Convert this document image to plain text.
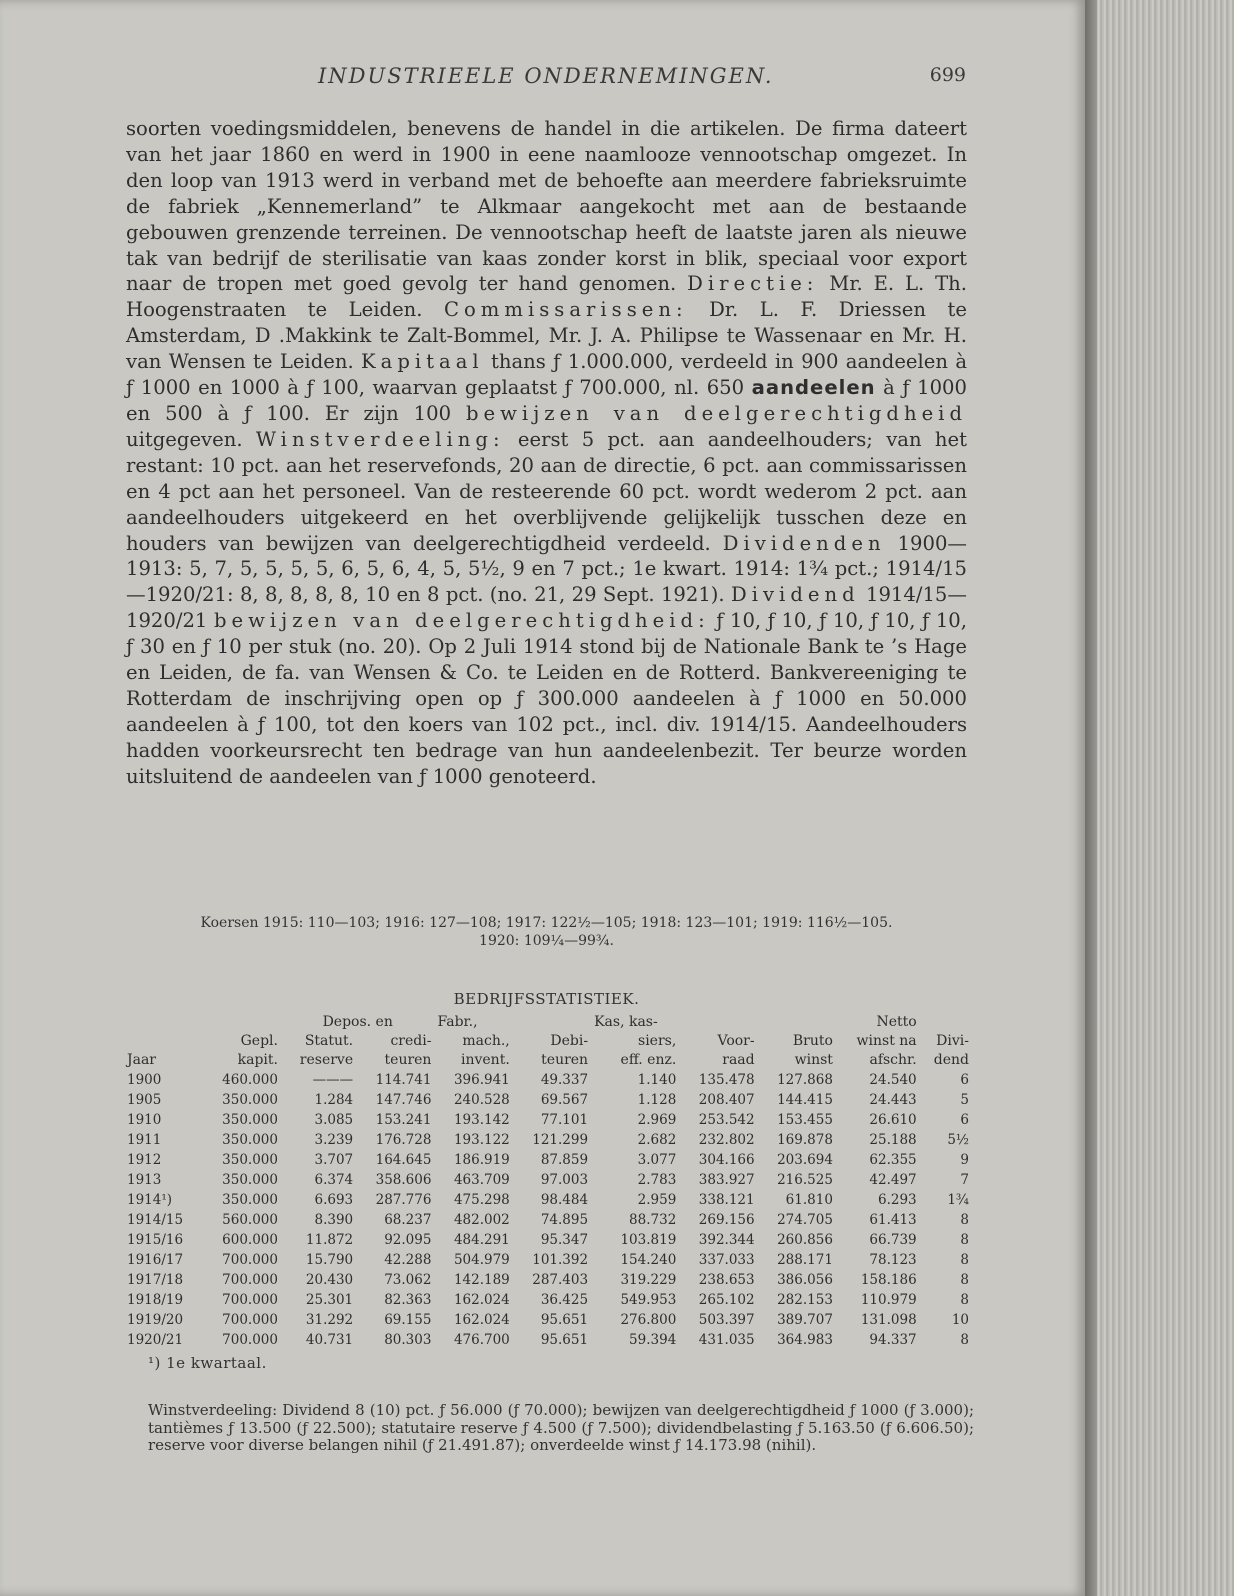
INDUSTRIEELE ONDERNEMINGEN.	699
soorten voedingsmiddelen, benevens de handel in die artikelen. De firma dateert van het jaar 1860 en werd in 1900 in eene naamlooze vennootschap omgezet. In den loop van 1913 werd in verband met de behoefte aan meerdere fabrieksruimte de fabriek „Kennemerland” te Alkmaar aangekocht met aan de bestaande gebouwen grenzende terreinen. De vennootschap heeft de laatste jaren als nieuwe tak van bedrijf de sterilisatie van kaas zonder korst in blik, speciaal voor export naar de tropen met goed gevolg ter hand genomen. Directie: Mr. E. L. Th. Hoogenstraaten te Leiden. Commissarissen: Dr. L. F. Driessen te Amsterdam, D .Makkink te Zalt-Bommel, Mr. J. A. Philipse te Wassenaar en Mr. H. van Wensen te Leiden. Kapitaal thans ƒ 1.000.000, verdeeld in 900 aandeelen à ƒ 1000 en 1000 à ƒ 100, waarvan geplaatst ƒ 700.000, nl. 650 aandeelen à ƒ 1000 en 500 à ƒ 100. Er zijn 100 bewijzen van deelgerechtigdheid uitgegeven. Winstverdeeling: eerst 5 pct. aan aandeelhouders; van het restant: 10 pct. aan het reservefonds, 20 aan de directie, 6 pct. aan commissarissen en 4 pct aan het personeel. Van de resteerende 60 pct. wordt wederom 2 pct. aan aandeelhouders uitgekeerd en het overblijvende gelijkelijk tusschen deze en houders van bewijzen van deelgerechtigdheid verdeeld. Dividenden 1900—1913: 5, 7, 5, 5, 5, 5, 6, 5, 6, 4, 5, 5½, 9 en 7 pct.; 1e kwart. 1914: 1¾ pct.; 1914/15—1920/21: 8, 8, 8, 8, 8, 10 en 8 pct. (no. 21, 29 Sept. 1921). Dividend 1914/15—1920/21 bewijzen van deelgerechtigdheid: ƒ 10, ƒ 10, ƒ 10, ƒ 10, ƒ 10, ƒ 30 en ƒ 10 per stuk (no. 20). Op 2 Juli 1914 stond bij de Nationale Bank te ’s Hage en Leiden, de fa. van Wensen & Co. te Leiden en de Rotterd. Bankvereeniging te Rotterdam de inschrijving open op ƒ 300.000 aandeelen à ƒ 1000 en 50.000 aandeelen à ƒ 100, tot den koers van 102 pct., incl. div. 1914/15. Aandeelhouders hadden voorkeursrecht ten bedrage van hun aandeelenbezit. Ter beurze worden uitsluitend de aandeelen van ƒ 1000 genoteerd.
Koersen 1915: 110—103; 1916: 127—108; 1917: 122½—105; 1918: 123—101; 1919: 116½—105.
1920: 109¼—99¾.
BEDRIJFSSTATISTIEK.
		Depos. en		Fabr.,		Kas, kas-			Netto	
	Gepl.	Statut.	credi-	mach.,	Debi-	siers,	Voor-	Bruto	winst na	Divi-
Jaar	kapit.	reserve	teuren	invent.	teuren	eff. enz.	raad	winst	afschr.	dend
1900	460.000	———	114.741	396.941	49.337	1.140	135.478	127.868	24.540	6
1905	350.000	1.284	147.746	240.528	69.567	1.128	208.407	144.415	24.443	5
1910	350.000	3.085	153.241	193.142	77.101	2.969	253.542	153.455	26.610	6
1911	350.000	3.239	176.728	193.122	121.299	2.682	232.802	169.878	25.188	5½
1912	350.000	3.707	164.645	186.919	87.859	3.077	304.166	203.694	62.355	9
1913	350.000	6.374	358.606	463.709	97.003	2.783	383.927	216.525	42.497	7
1914¹)	350.000	6.693	287.776	475.298	98.484	2.959	338.121	61.810	6.293	1¾
1914/15	560.000	8.390	68.237	482.002	74.895	88.732	269.156	274.705	61.413	8
1915/16	600.000	11.872	92.095	484.291	95.347	103.819	392.344	260.856	66.739	8
1916/17	700.000	15.790	42.288	504.979	101.392	154.240	337.033	288.171	78.123	8
1917/18	700.000	20.430	73.062	142.189	287.403	319.229	238.653	386.056	158.186	8
1918/19	700.000	25.301	82.363	162.024	36.425	549.953	265.102	282.153	110.979	8
1919/20	700.000	31.292	69.155	162.024	95.651	276.800	503.397	389.707	131.098	10
1920/21	700.000	40.731	80.303	476.700	95.651	59.394	431.035	364.983	94.337	8
¹) 1e kwartaal.
Winstverdeeling: Dividend 8 (10) pct. ƒ 56.000 (ƒ 70.000); bewijzen van deelgerechtigdheid ƒ 1000 (ƒ 3.000); tantièmes ƒ 13.500 (ƒ 22.500); statutaire reserve ƒ 4.500 (ƒ 7.500); dividendbelasting ƒ 5.163.50 (ƒ 6.606.50); reserve voor diverse belangen nihil (ƒ 21.491.87); onverdeelde winst ƒ 14.173.98 (nihil).
